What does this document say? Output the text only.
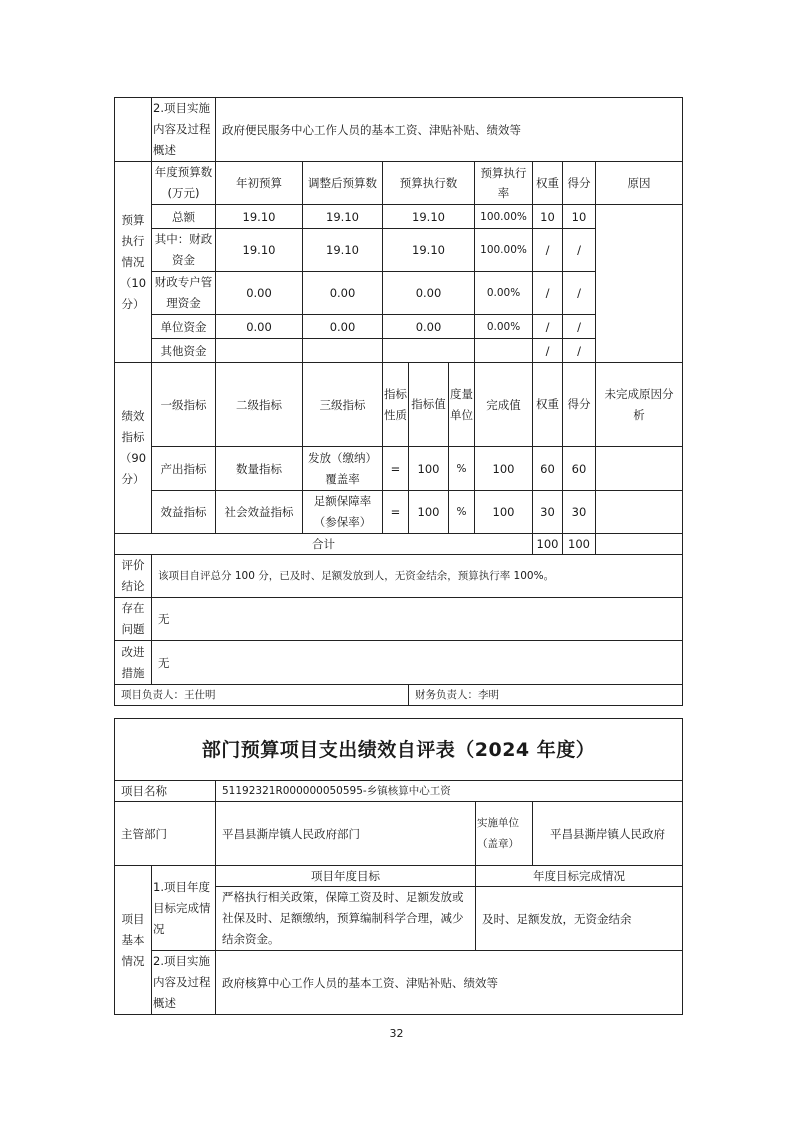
	2.项目实施内容及过程概述	政府便民服务中心工作人员的基本工资、津贴补贴、绩效等								
预算执行情况（10分）	年度预算数(万元)	年初预算	调整后预算数	预算执行数			预算执行率	权重	得分	原因
	总额	19.10	19.10	19.10			100.00%	10	10	
	其中：财政资金	19.10	19.10	19.10			100.00%	/	/	
	财政专户管理资金	0.00	0.00	0.00			0.00%	/	/	
	单位资金	0.00	0.00	0.00			0.00%	/	/	
	其他资金							/	/	
绩效指标（90分）	一级指标	二级指标	三级指标	指标性质	指标值	度量单位	完成值	权重	得分	未完成原因分析
	产出指标	数量指标	发放（缴纳）覆盖率	=	100	%	100	60	60	
	效益指标	社会效益指标	足额保障率（参保率）	=	100	%	100	30	30	
合计								100	100	
评价结论	该项目自评总分 100 分，已及时、足额发放到人，无资金结余，预算执行率 100%。									
存在问题	无									
改进措施	无									
项目负责人：王仕明					财务负责人：李明					
部门预算项目支出绩效自评表（2024 年度）				
项目名称		51192321R000000050595-乡镇核算中心工资		
主管部门		平昌县澌岸镇人民政府部门	实施单位（盖章）	平昌县澌岸镇人民政府
项目基本情况	1.项目年度目标完成情况	项目年度目标	年度目标完成情况	
		严格执行相关政策，保障工资及时、足额发放或社保及时、足额缴纳，预算编制科学合理，减少结余资金。	及时、足额发放，无资金结余	
	2.项目实施内容及过程概述	政府核算中心工作人员的基本工资、津贴补贴、绩效等		
32
